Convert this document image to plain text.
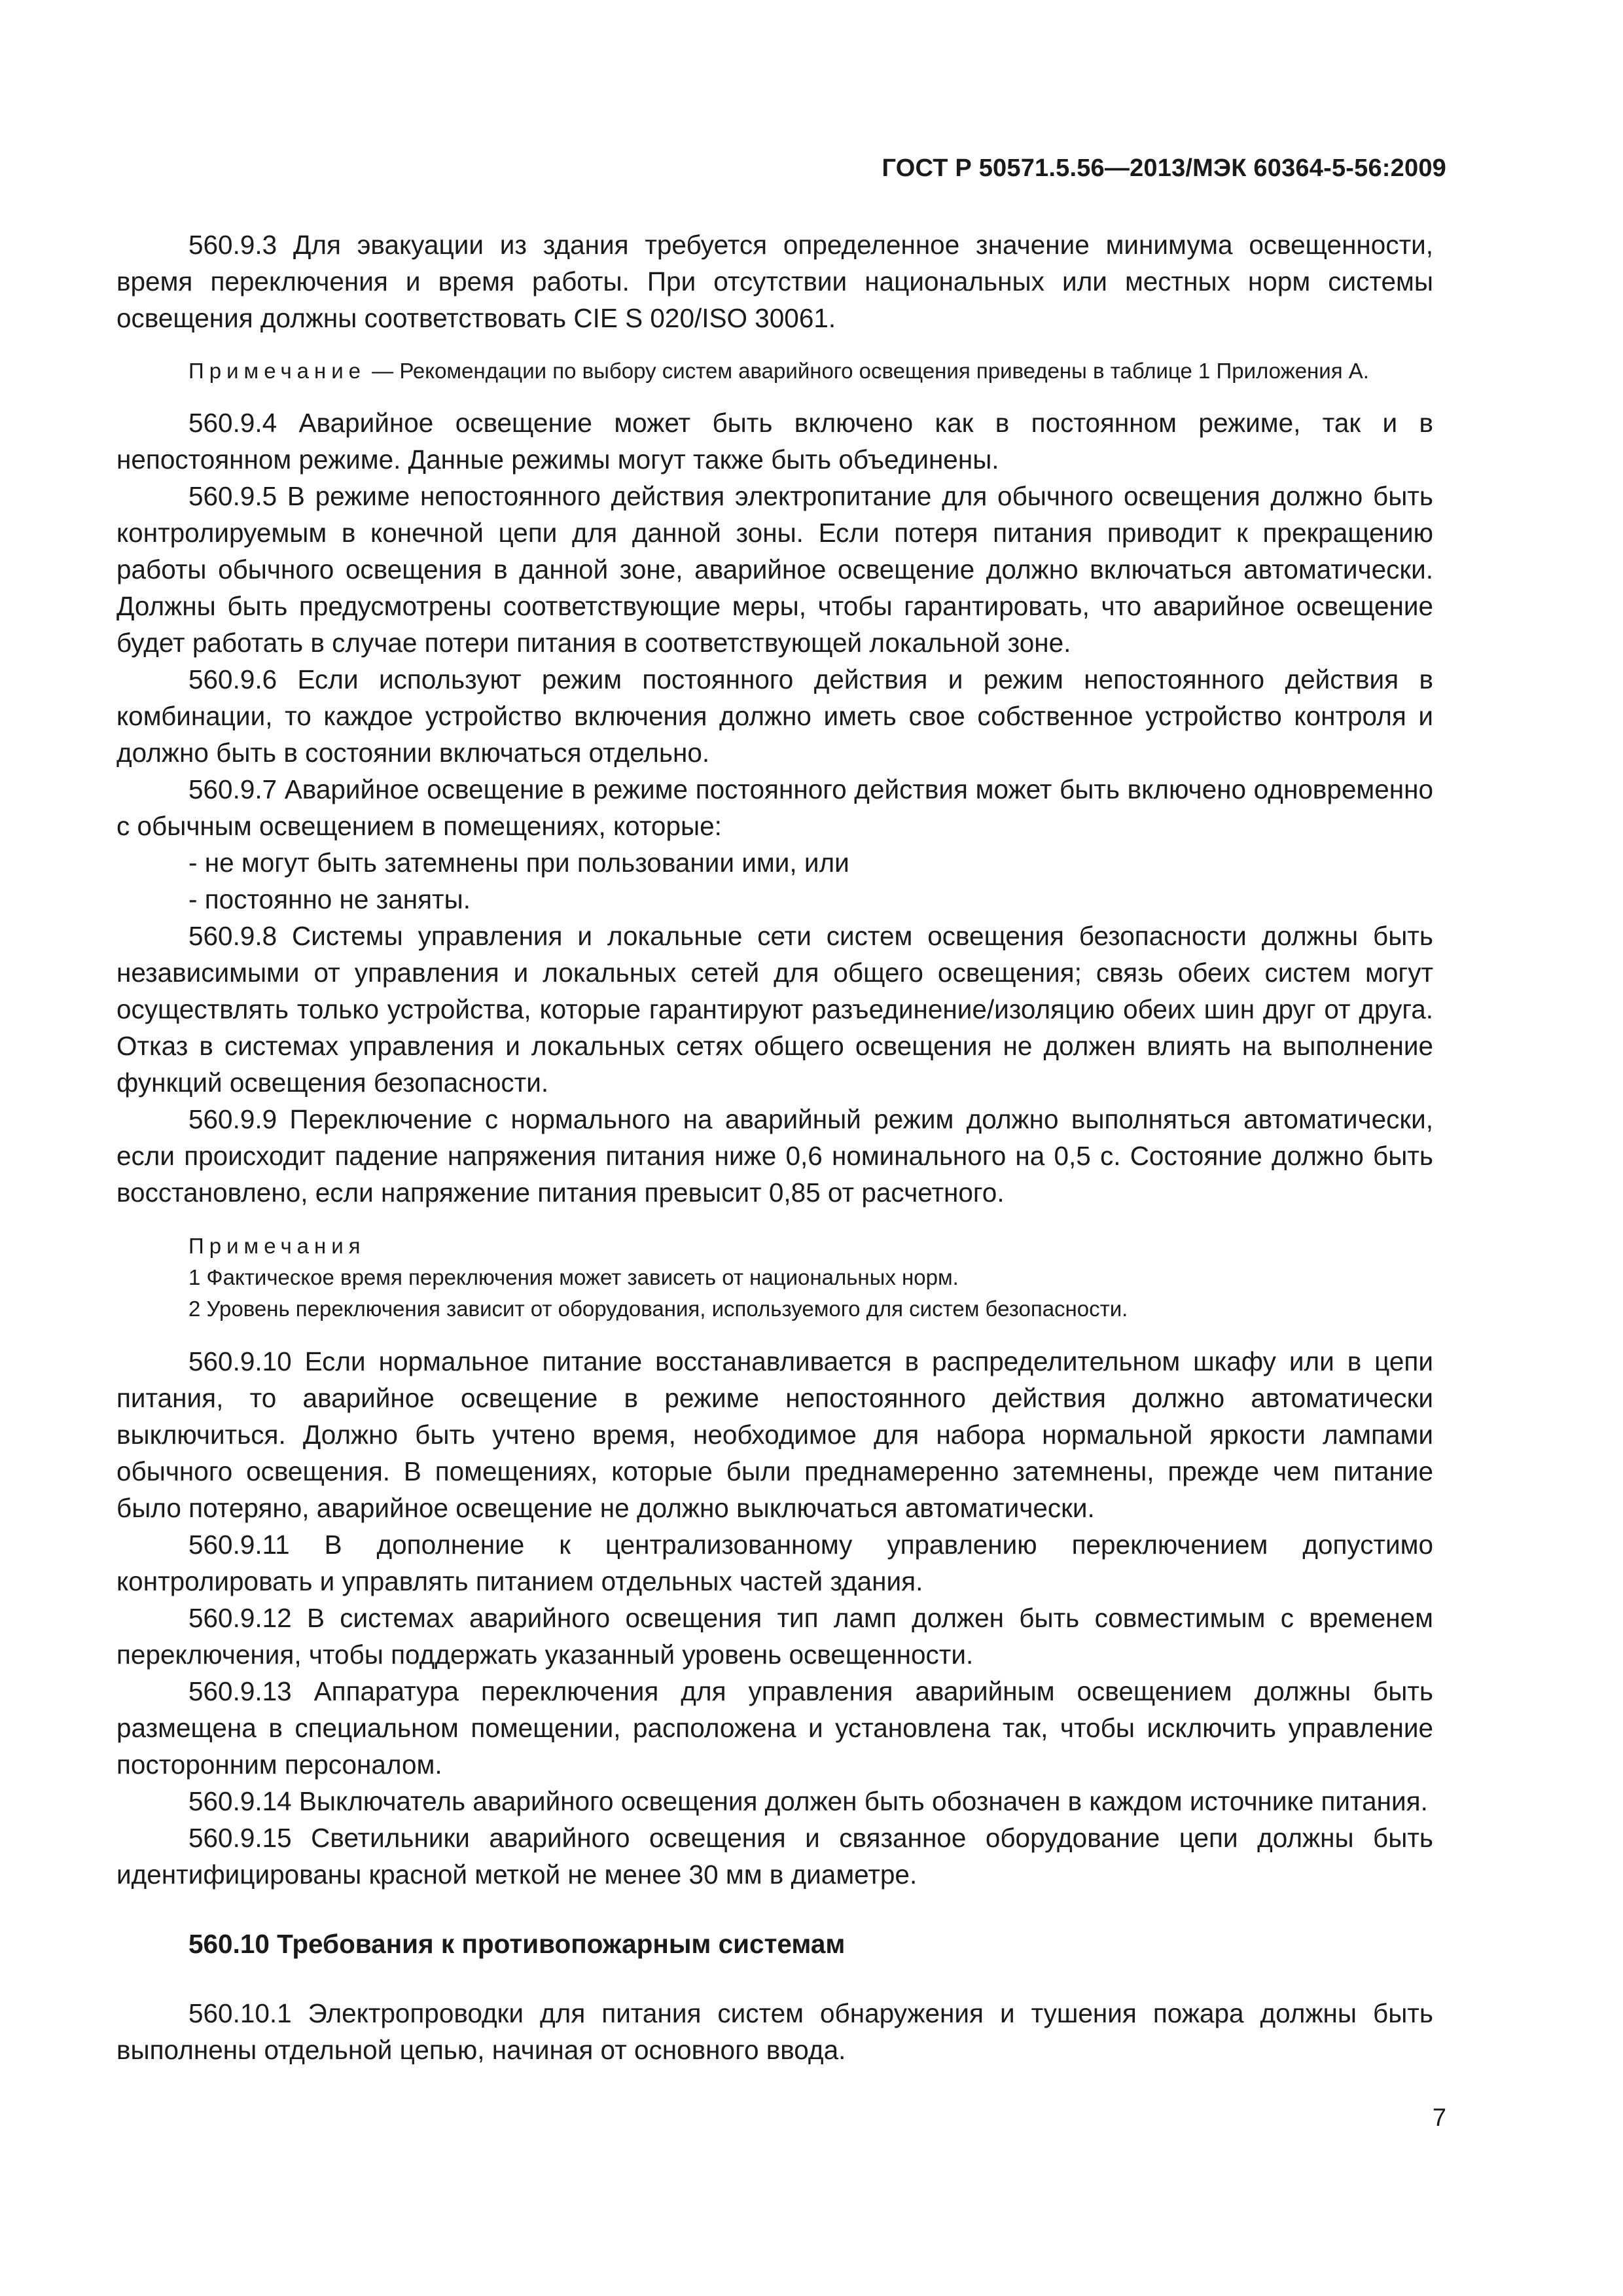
ГОСТ Р 50571.5.56—2013/МЭК 60364-5-56:2009

560.9.3 Для эвакуации из здания требуется определенное значение минимума освещенности, время переключения и время работы. При отсутствии национальных или местных норм системы освещения должны соответствовать CIE S 020/ISO 30061.

Примечание — Рекомендации по выбору систем аварийного освещения приведены в таблице 1 Приложения А.

560.9.4 Аварийное освещение может быть включено как в постоянном режиме, так и в непостоянном режиме. Данные режимы могут также быть объединены.

560.9.5 В режиме непостоянного действия электропитание для обычного освещения должно быть контролируемым в конечной цепи для данной зоны. Если потеря питания приводит к прекращению работы обычного освещения в данной зоне, аварийное освещение должно включаться автоматически. Должны быть предусмотрены соответствующие меры, чтобы гарантировать, что аварийное освещение будет работать в случае потери питания в соответствующей локальной зоне.

560.9.6 Если используют режим постоянного действия и режим непостоянного действия в комбинации, то каждое устройство включения должно иметь свое собственное устройство контроля и должно быть в состоянии включаться отдельно.

560.9.7 Аварийное освещение в режиме постоянного действия может быть включено одновременно с обычным освещением в помещениях, которые:

- не могут быть затемнены при пользовании ими, или

- постоянно не заняты.

560.9.8 Системы управления и локальные сети систем освещения безопасности должны быть независимыми от управления и локальных сетей для общего освещения; связь обеих систем могут осуществлять только устройства, которые гарантируют разъединение/изоляцию обеих шин друг от друга. Отказ в системах управления и локальных сетях общего освещения не должен влиять на выполнение функций освещения безопасности.

560.9.9 Переключение с нормального на аварийный режим должно выполняться автоматически, если происходит падение напряжения питания ниже 0,6 номинального на 0,5 с. Состояние должно быть восстановлено, если напряжение питания превысит 0,85 от расчетного.

Примечания

1 Фактическое время переключения может зависеть от национальных норм.

2 Уровень переключения зависит от оборудования, используемого для систем безопасности.

560.9.10 Если нормальное питание восстанавливается в распределительном шкафу или в цепи питания, то аварийное освещение в режиме непостоянного действия должно автоматически выключиться. Должно быть учтено время, необходимое для набора нормальной яркости лампами обычного освещения. В помещениях, которые были преднамеренно затемнены, прежде чем питание было потеряно, аварийное освещение не должно выключаться автоматически.

560.9.11 В дополнение к централизованному управлению переключением допустимо контролировать и управлять питанием отдельных частей здания.

560.9.12 В системах аварийного освещения тип ламп должен быть совместимым с временем переключения, чтобы поддержать указанный уровень освещенности.

560.9.13 Аппаратура переключения для управления аварийным освещением должны быть размещена в специальном помещении, расположена и установлена так, чтобы исключить управление посторонним персоналом.

560.9.14 Выключатель аварийного освещения должен быть обозначен в каждом источнике питания.

560.9.15 Светильники аварийного освещения и связанное оборудование цепи должны быть идентифицированы красной меткой не менее 30 мм в диаметре.

560.10 Требования к противопожарным системам

560.10.1 Электропроводки для питания систем обнаружения и тушения пожара должны быть выполнены отдельной цепью, начиная от основного ввода.

7
